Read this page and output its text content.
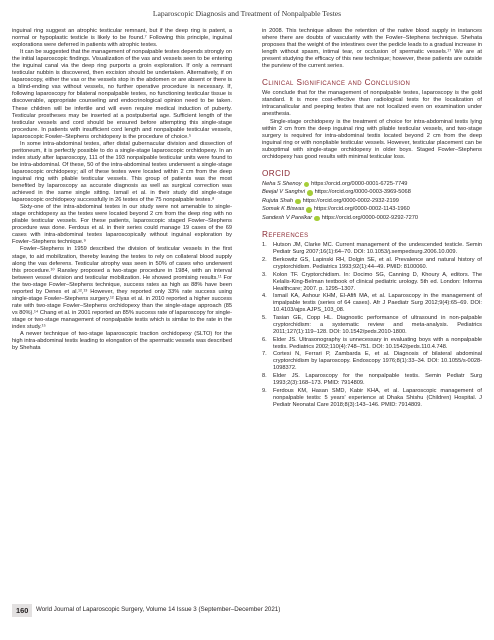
Laparoscopic Diagnosis and Treatment of Nonpalpable Testes

inguinal ring suggest an atrophic testicular remnant, but if the deep ring is patent, a normal or hypoplastic testicle is likely to be found.⁷ Following this principle, inguinal explorations were deferred in patients with atrophic testes.

It can be suggested that the management of nonpalpable testes depends strongly on the initial laparoscopic findings. Visualization of the vas and vessels seen to be entering the inguinal canal via the deep ring purports a groin exploration. If only a remnant testicular nubbin is discovered, then excision should be undertaken. Alternatively, if on laparoscopy, either the vas or the vessels stop in the abdomen or are absent or there is a blind-ending vas without vessels, no further operative procedure is necessary. If, following laparoscopy for bilateral nonpalpable testes, no functioning testicular tissue is discoverable, appropriate counseling and endocrinological opinion need to be taken. These children will be infertile and will even require medical induction of puberty. Testicular prostheses may be inserted at a postpubertal age. Sufficient length of the testicular vessels and cord should be ensured before attempting this single-stage procedure. In patients with insufficient cord length and nonpalpable testicular vessels, laparoscopic Fowler–Stephens orchidopexy is the procedure of choice.⁵

In some intra-abdominal testes, after distal gubernacular division and dissection of peritoneum, it is perfectly possible to do a single-stage laparoscopic orchidopexy. In an index study after laparoscopy, 111 of the 193 nonpalpable testicular units were found to be intra-abdominal. Of these, 50 of the intra-abdominal testes underwent a single-stage laparoscopic orchidopexy; all of these testes were located within 2 cm from the deep inguinal ring with pliable testicular vessels. This group of patients was the most benefited by laparoscopy as accurate diagnosis as well as surgical correction was achieved in the same single sitting. Ismail et al. in their study did single-stage laparoscopic orchidopexy successfully in 26 testes of the 75 nonpalpable testes.⁸

Sixty-one of the intra-abdominal testes in our study were not amenable to single-stage orchidopexy as the testes were located beyond 2 cm from the deep ring with no pliable testicular vessels. For these patients, laparoscopic staged Fowler–Stephens procedure was done. Ferdous et al. in their series could manage 19 cases of the 69 cases with intra-abdominal testes laparoscopically without inguinal exploration by Fowler–Stephens technique.⁹

Fowler–Stephens in 1959 described the division of testicular vessels in the first stage, to aid mobilization, thereby leaving the testes to rely on collateral blood supply along the vas deferens. Testicular atrophy was seen in 50% of cases who underwent this procedure.¹⁰ Ransley proposed a two-stage procedure in 1984, with an interval between vessel division and testicular mobilization. He showed promising results.¹¹ For the two-stage Fowler–Stephens technique, success rates as high as 88% have been reported by Denes et al.¹²,¹³ However, they reported only 33% rate success using single-stage Fowler–Stephens surgery.¹² Elyas et al. in 2010 reported a higher success rate with two-stage Fowler–Stephens orchidopexy than the single-stage approach (85 vs 80%).¹⁴ Chang et al. in 2001 reported an 85% success rate of laparoscopy for single-stage or two-stage management of nonpalpable testis which is similar to the rate in the index study.¹⁵

A newer technique of two-stage laparoscopic traction orchidopexy (SLTO) for the high intra-abdominal testis leading to elongation of the spermatic vessels was described by Shehata

in 2008. This technique allows the retention of the native blood supply in instances where there are doubts of vascularity with the Fowler–Stephens technique. Shehata proposes that the weight of the intestines over the pedicle leads to a gradual increase in length without spasm, intimal tear, or occlusion of spermatic vessels.¹⁷ We are at present studying the efficacy of this new technique; however, these patients are outside the purview of the current series.

Clinical Significance and Conclusion

We conclude that for the management of nonpalpable testes, laparoscopy is the gold standard. It is more cost-effective than radiological tests for the localization of intracanalicular and peeping testes that are not localized even on examination under anesthesia.

Single-stage orchidopexy is the treatment of choice for intra-abdominal testis lying within 2 cm from the deep inguinal ring with pliable testicular vessels, and two-stage surgery is required for intra-abdominal testis located beyond 2 cm from the deep inguinal ring or with nonpliable testicular vessels. However, testicular placement can be suboptimal with single-stage orchidopexy in older boys. Staged Fowler–Stephens orchidopexy has good results with minimal testicular loss.

ORCID
Neha S Shenoy https://orcid.org/0000-0001-6725-7749
Beejal V Sanghvi https://orcid.org/0000-0003-3969-5068
Rujuta Shah https://orcid.org/0000-0002-2932-2199
Somak K Biswas https://orcid.org/0000-0002-1143-1960
Sandesh V Parelkar https://orcid.org/0000-0002-9292-7270
References
1. Hutson JM, Clarke MC. Current management of the undescended testicle. Semin Pediatr Surg 2007;16(1):64–70. DOI: 10.1053/j.sempedsurg.2006.10.009.
2. Berkowitz GS, Lapinski RH, Dolgin SE, et al. Prevalence and natural history of cryptorchidism. Pediatrics 1993;92(1):44–49. PMID: 8100060.
3. Kolon TF. Cryptorchidism. In: Docimo SG, Canning D, Khoury A, editors. The Kelalis-King-Belman textbook of clinical pediatric urology. 5th ed. London: Informa Healthcare; 2007. p. 1295–1307.
4. Ismail KA, Ashour KHM, El-Afifi MA, et al. Laparoscopy in the management of impalpable testis (series of 64 cases). Afr J Paediatr Surg 2012;9(4):65–69. DOI: 10.4103/ajps.AJPS_103_08.
5. Tasian GE, Copp HL. Diagnostic performance of ultrasound in non-palpable cryptorchidism: a systematic review and meta-analysis. Pediatrics 2011;127(1):119–128. DOI: 10.1542/peds.2010-1800.
6. Elder JS. Ultrasonography is unnecessary in evaluating boys with a nonpalpable testis. Pediatrics 2002;110(4):748–751. DOI: 10.1542/peds.110.4.748.
7. Cortesi N, Ferrari P, Zambarda E, et al. Diagnosis of bilateral abdominal cryptorchidism by laparoscopy. Endoscopy 1976;8(1):33–34. DOI: 10.1055/s-0028-1098372.
8. Elder JS. Laparoscopy for the nonpalpable testis. Semin Pediatr Surg 1993;2(3):168–173. PMID: 7914809.
9. Ferdous KM, Hasan SMD, Kabir KHA, et al. Laparoscopic management of nonpalpable testis: 5 years' experience at Dhaka Shishu (Children) Hospital. J Pediatr Neonatal Care 2018;8(3):143–146. PMID: 7914809.
160	World Journal of Laparoscopic Surgery, Volume 14 Issue 3 (September–December 2021)
